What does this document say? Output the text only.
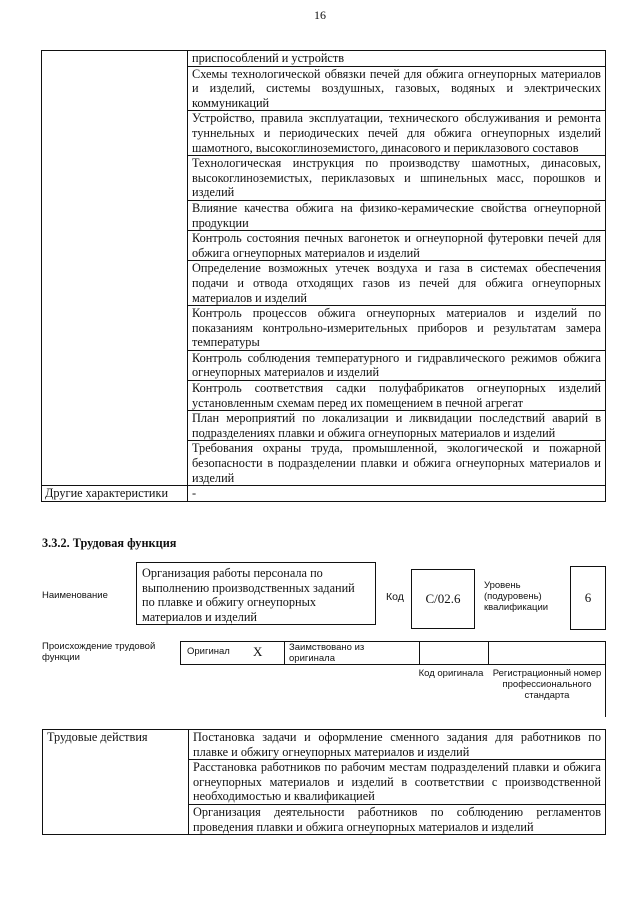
16
	приспособлений и устройств
	Схемы технологической обвязки печей для обжига огнеупорных материалов и изделий, системы воздушных, газовых, водяных и электрических коммуникаций
	Устройство, правила эксплуатации, технического обслуживания и ремонта туннельных и периодических печей для обжига огнеупорных изделий шамотного, высокоглиноземистого, динасового и периклазового составов
	Технологическая инструкция по производству шамотных, динасовых, высокоглиноземистых, периклазовых и шпинельных масс, порошков и изделий
	Влияние качества обжига на физико-керамические свойства огнеупорной продукции
	Контроль состояния печных вагонеток и огнеупорной футеровки печей для обжига огнеупорных материалов и изделий
	Определение возможных утечек воздуха и газа в системах обеспечения подачи и отвода отходящих газов из печей для обжига огнеупорных материалов и изделий
	Контроль процессов обжига огнеупорных материалов и изделий по показаниям контрольно-измерительных приборов и результатам замера температуры
	Контроль соблюдения температурного и гидравлического режимов обжига огнеупорных материалов и изделий
	Контроль соответствия садки полуфабрикатов огнеупорных изделий установленным схемам перед их помещением в печной агрегат
	План мероприятий по локализации и ликвидации последствий аварий в подразделениях плавки и обжига огнеупорных материалов и изделий
	Требования охраны труда, промышленной, экологической и пожарной безопасности в подразделении плавки и обжига огнеупорных материалов и изделий
Другие характеристики	-
3.3.2. Трудовая функция
Наименование
Организация работы персонала по выполнению производственных заданий по плавке и обжигу огнеупорных материалов и изделий
Код	С/02.6
Уровень (подуровень) квалификации
6
Происхождение трудовой функции
Оригинал X	Заимствовано из оригинала
Код оригинала Регистрационный номер профессионального стандарта
Трудовые действия	Постановка задачи и оформление сменного задания для работников по плавке и обжигу огнеупорных материалов и изделий
	Расстановка работников по рабочим местам подразделений плавки и обжига огнеупорных материалов и изделий в соответствии с производственной необходимостью и квалификацией
	Организация деятельности работников по соблюдению регламентов проведения плавки и обжига огнеупорных материалов и изделий
